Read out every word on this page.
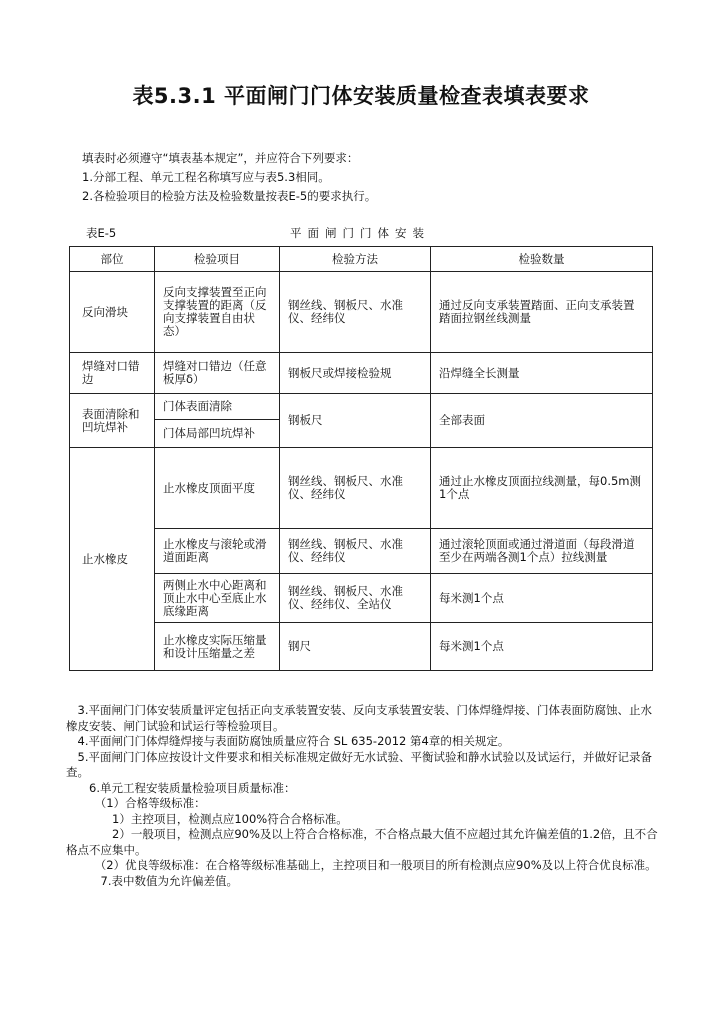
表5.3.1 平面闸门门体安装质量检查表填表要求
填表时必须遵守“填表基本规定”，并应符合下列要求：
1.分部工程、单元工程名称填写应与表5.3相同。
2.各检验项目的检验方法及检验数量按表E-5的要求执行。
表E-5	平面闸门门体安装
部位	检验项目	检验方法	检验数量
反向滑块	反向支撑装置至正向支撑装置的距离（反向支撑装置自由状态）	钢丝线、钢板尺、水准仪、经纬仪	通过反向支承装置踏面、正向支承装置踏面拉钢丝线测量
焊缝对口错边	焊缝对口错边（任意板厚δ）	钢板尺或焊接检验规	沿焊缝全长测量
表面清除和凹坑焊补	门体表面清除	钢板尺	全部表面
	门体局部凹坑焊补		
止水橡皮	止水橡皮顶面平度	钢丝线、钢板尺、水准仪、经纬仪	通过止水橡皮顶面拉线测量，每0.5m测1个点
	止水橡皮与滚轮或滑道面距离	钢丝线、钢板尺、水准仪、经纬仪	通过滚轮顶面或通过滑道面（每段滑道至少在两端各测1个点）拉线测量
	两侧止水中心距离和顶止水中心至底止水底缘距离	钢丝线、钢板尺、水准仪、经纬仪、全站仪	每米测1个点
	止水橡皮实际压缩量和设计压缩量之差	钢尺	每米测1个点

　3.平面闸门门体安装质量评定包括正向支承装置安装、反向支承装置安装、门体焊缝焊接、门体表面防腐蚀、止水橡皮安装、闸门试验和试运行等检验项目。

　4.平面闸门门体焊缝焊接与表面防腐蚀质量应符合 SL 635-2012 第4章的相关规定。

　5.平面闸门门体应按设计文件要求和相关标准规定做好无水试验、平衡试验和静水试验以及试运行，并做好记录备查。

　　6.单元工程安装质量检验项目质量标准：

　　　（1）合格等级标准：

　　　　1）主控项目，检测点应100%符合合格标准。

　　　　2）一般项目，检测点应90%及以上符合合格标准，不合格点最大值不应超过其允许偏差值的1.2倍，且不合格点不应集中。

　　　（2）优良等级标准：在合格等级标准基础上，主控项目和一般项目的所有检测点应90%及以上符合优良标准。

　　　7.表中数值为允许偏差值。
